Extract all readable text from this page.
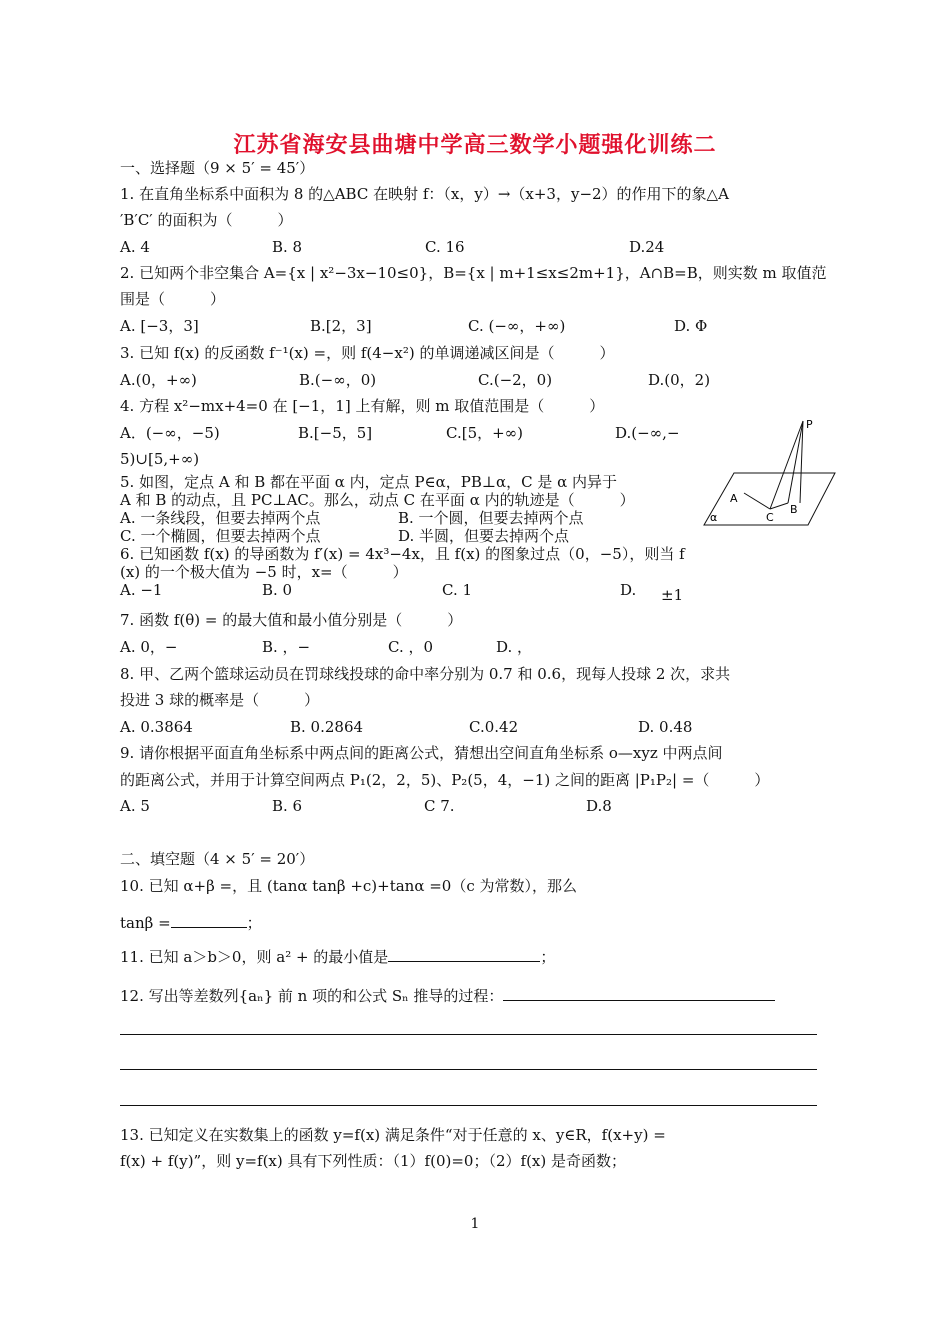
江苏省海安县曲塘中学高三数学小题强化训练二
一、选择题（9 × 5′ = 45′）
1. 在直角坐标系中面积为 8 的△ABC 在映射 f：（x，y）→（x+3，y−2）的作用下的象△A
′B′C′ 的面积为（　　　）
A. 4	B. 8	C. 16	D.24
2. 已知两个非空集合 A={x | x²−3x−10≤0}，B={x | m+1≤x≤2m+1}，A∩B=B，则实数 m 取值范
围是（　　　）
A. [−3，3]	B.[2，3]	C. (−∞，+∞)	D. Φ
3. 已知 f(x) 的反函数 f⁻¹(x) =，则 f(4−x²) 的单调递减区间是（　　　）
A.(0，+∞)	B.(−∞，0)	C.(−2，0)	D.(0，2)
4. 方程 x²−mx+4=0 在 [−1，1] 上有解，则 m 取值范围是（　　　）
A．(−∞，−5)	B.[−5，5]	C.[5，+∞)	D.(−∞,−
5)∪[5,+∞)
5. 如图，定点 A 和 B 都在平面 α 内，定点 P∈α，PB⊥α，C 是 α 内异于
A 和 B 的动点，且 PC⊥AC。那么，动点 C 在平面 α 内的轨迹是（　　　）
A. 一条线段，但要去掉两个点	B. 一个圆，但要去掉两个点
C. 一个椭圆，但要去掉两个点	D. 半圆，但要去掉两个点
P
A
B
C
α
6. 已知函数 f(x) 的导函数为 f′(x) = 4x³−4x，且 f(x) 的图象过点（0，−5），则当 f
(x) 的一个极大值为 −5 时，x=（　　　）
A. −1	B. 0	C. 1	D. ±1
7. 函数 f(θ) = 的最大值和最小值分别是（　　　）
A. 0，−	B. ，−	C. ，0	D. ，
8. 甲、乙两个篮球运动员在罚球线投球的命中率分别为 0.7 和 0.6，现每人投球 2 次，求共
投进 3 球的概率是（　　　）
A. 0.3864	B. 0.2864	C.0.42	D. 0.48
9. 请你根据平面直角坐标系中两点间的距离公式，猜想出空间直角坐标系 o—xyz 中两点间
的距离公式，并用于计算空间两点 P₁(2，2，5)、P₂(5，4，−1) 之间的距离 |P₁P₂| =（　　　）
A. 5	B. 6	C 7.	D.8
二、填空题（4 × 5′ = 20′）
10. 已知 α+β =，且 (tanα tanβ +c)+tanα =0（c 为常数），那么
tanβ =	；
11. 已知 a＞b＞0，则 a² + 的最小值是	；
12. 写出等差数列{aₙ} 前 n 项的和公式 Sₙ 推导的过程：
13. 已知定义在实数集上的函数 y=f(x) 满足条件“对于任意的 x、y∈R，f(x+y) =
f(x) + f(y)”，则 y=f(x) 具有下列性质：（1）f(0)=0；（2）f(x) 是奇函数；
1
